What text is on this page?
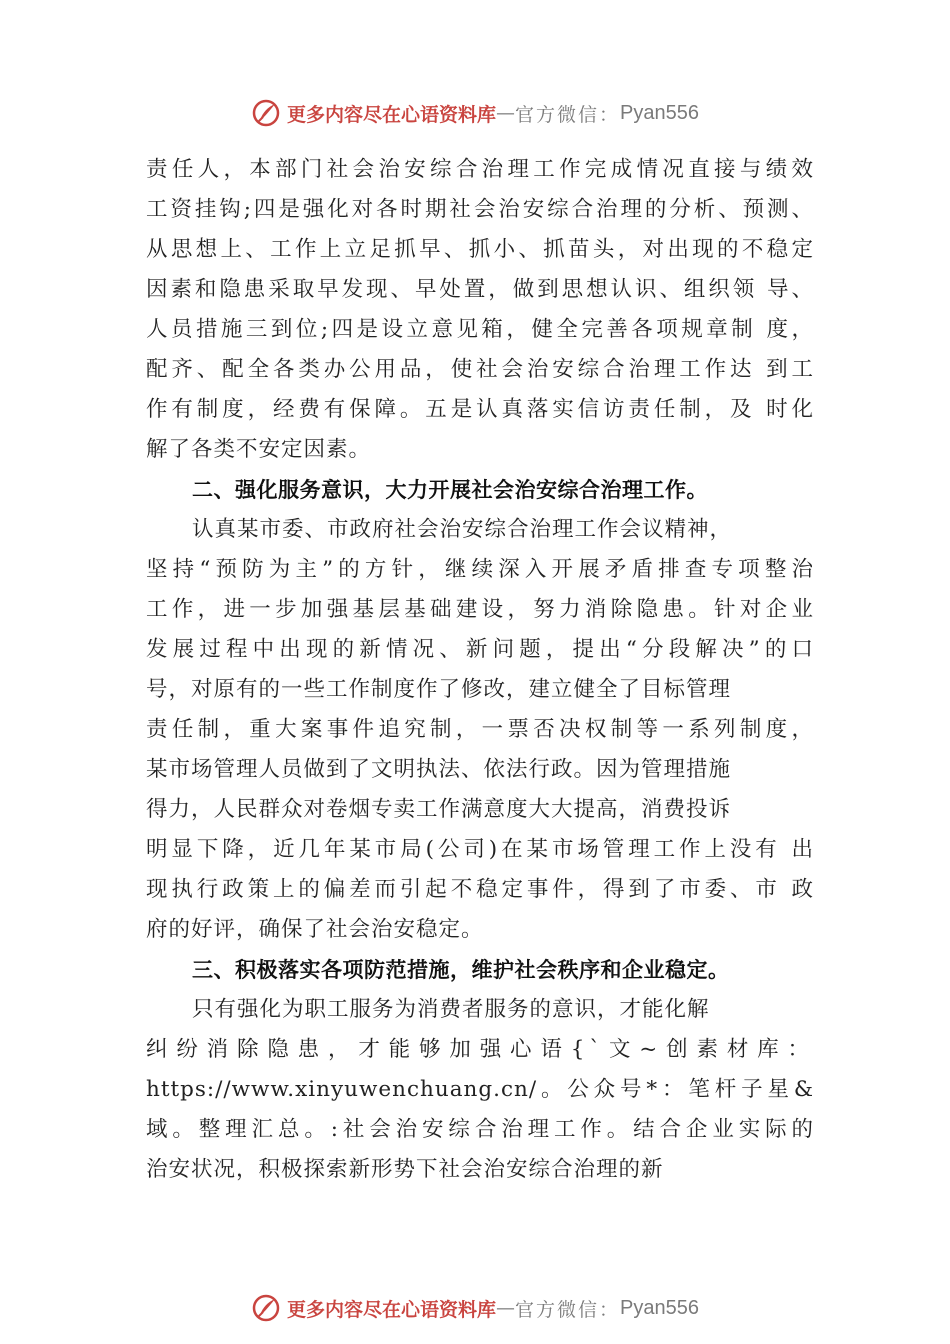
更多内容尽在心语资料库 — 官方微信： Pyan556
责任人，本部门社会治安综合治理工作完成情况直接与绩效
工资挂钩;四是强化对各时期社会治安综合治理的分析、预测、
从思想上、工作上立足抓早、抓小、抓苗头，对出现的不稳定
因素和隐患采取早发现、早处置，做到思想认识、组织领 导、
人员措施三到位;四是设立意见箱，健全完善各项规章制 度，
配齐、配全各类办公用品，使社会治安综合治理工作达 到工
作有制度，经费有保障。五是认真落实信访责任制，及 时化
解了各类不安定因素。
二、强化服务意识，大力开展社会治安综合治理工作。
认真某市委、市政府社会治安综合治理工作会议精神，
坚持“预防为主”的方针，继续深入开展矛盾排查专项整治
工作，进一步加强基层基础建设，努力消除隐患。针对企业
发展过程中出现的新情况、新问题，提出“分段解决”的口
号，对原有的一些工作制度作了修改，建立健全了目标管理
责任制，重大案事件追究制，一票否决权制等一系列制度，
某市场管理人员做到了文明执法、依法行政。因为管理措施
得力，人民群众对卷烟专卖工作满意度大大提高，消费投诉
明显下降，近几年某市局(公司)在某市场管理工作上没有 出
现执行政策上的偏差而引起不稳定事件，得到了市委、市 政
府的好评，确保了社会治安稳定。
三、积极落实各项防范措施，维护社会秩序和企业稳定。
只有强化为职工服务为消费者服务的意识，才能化解
纠纷消除隐患，才能够加强心语{`文~创素材库：
https://www.xinyuwenchuang.cn/。公众号*：笔杆子星&
域。整理汇总。:社会治安综合治理工作。结合企业实际的
治安状况，积极探索新形势下社会治安综合治理的新
更多内容尽在心语资料库 — 官方微信： Pyan556
